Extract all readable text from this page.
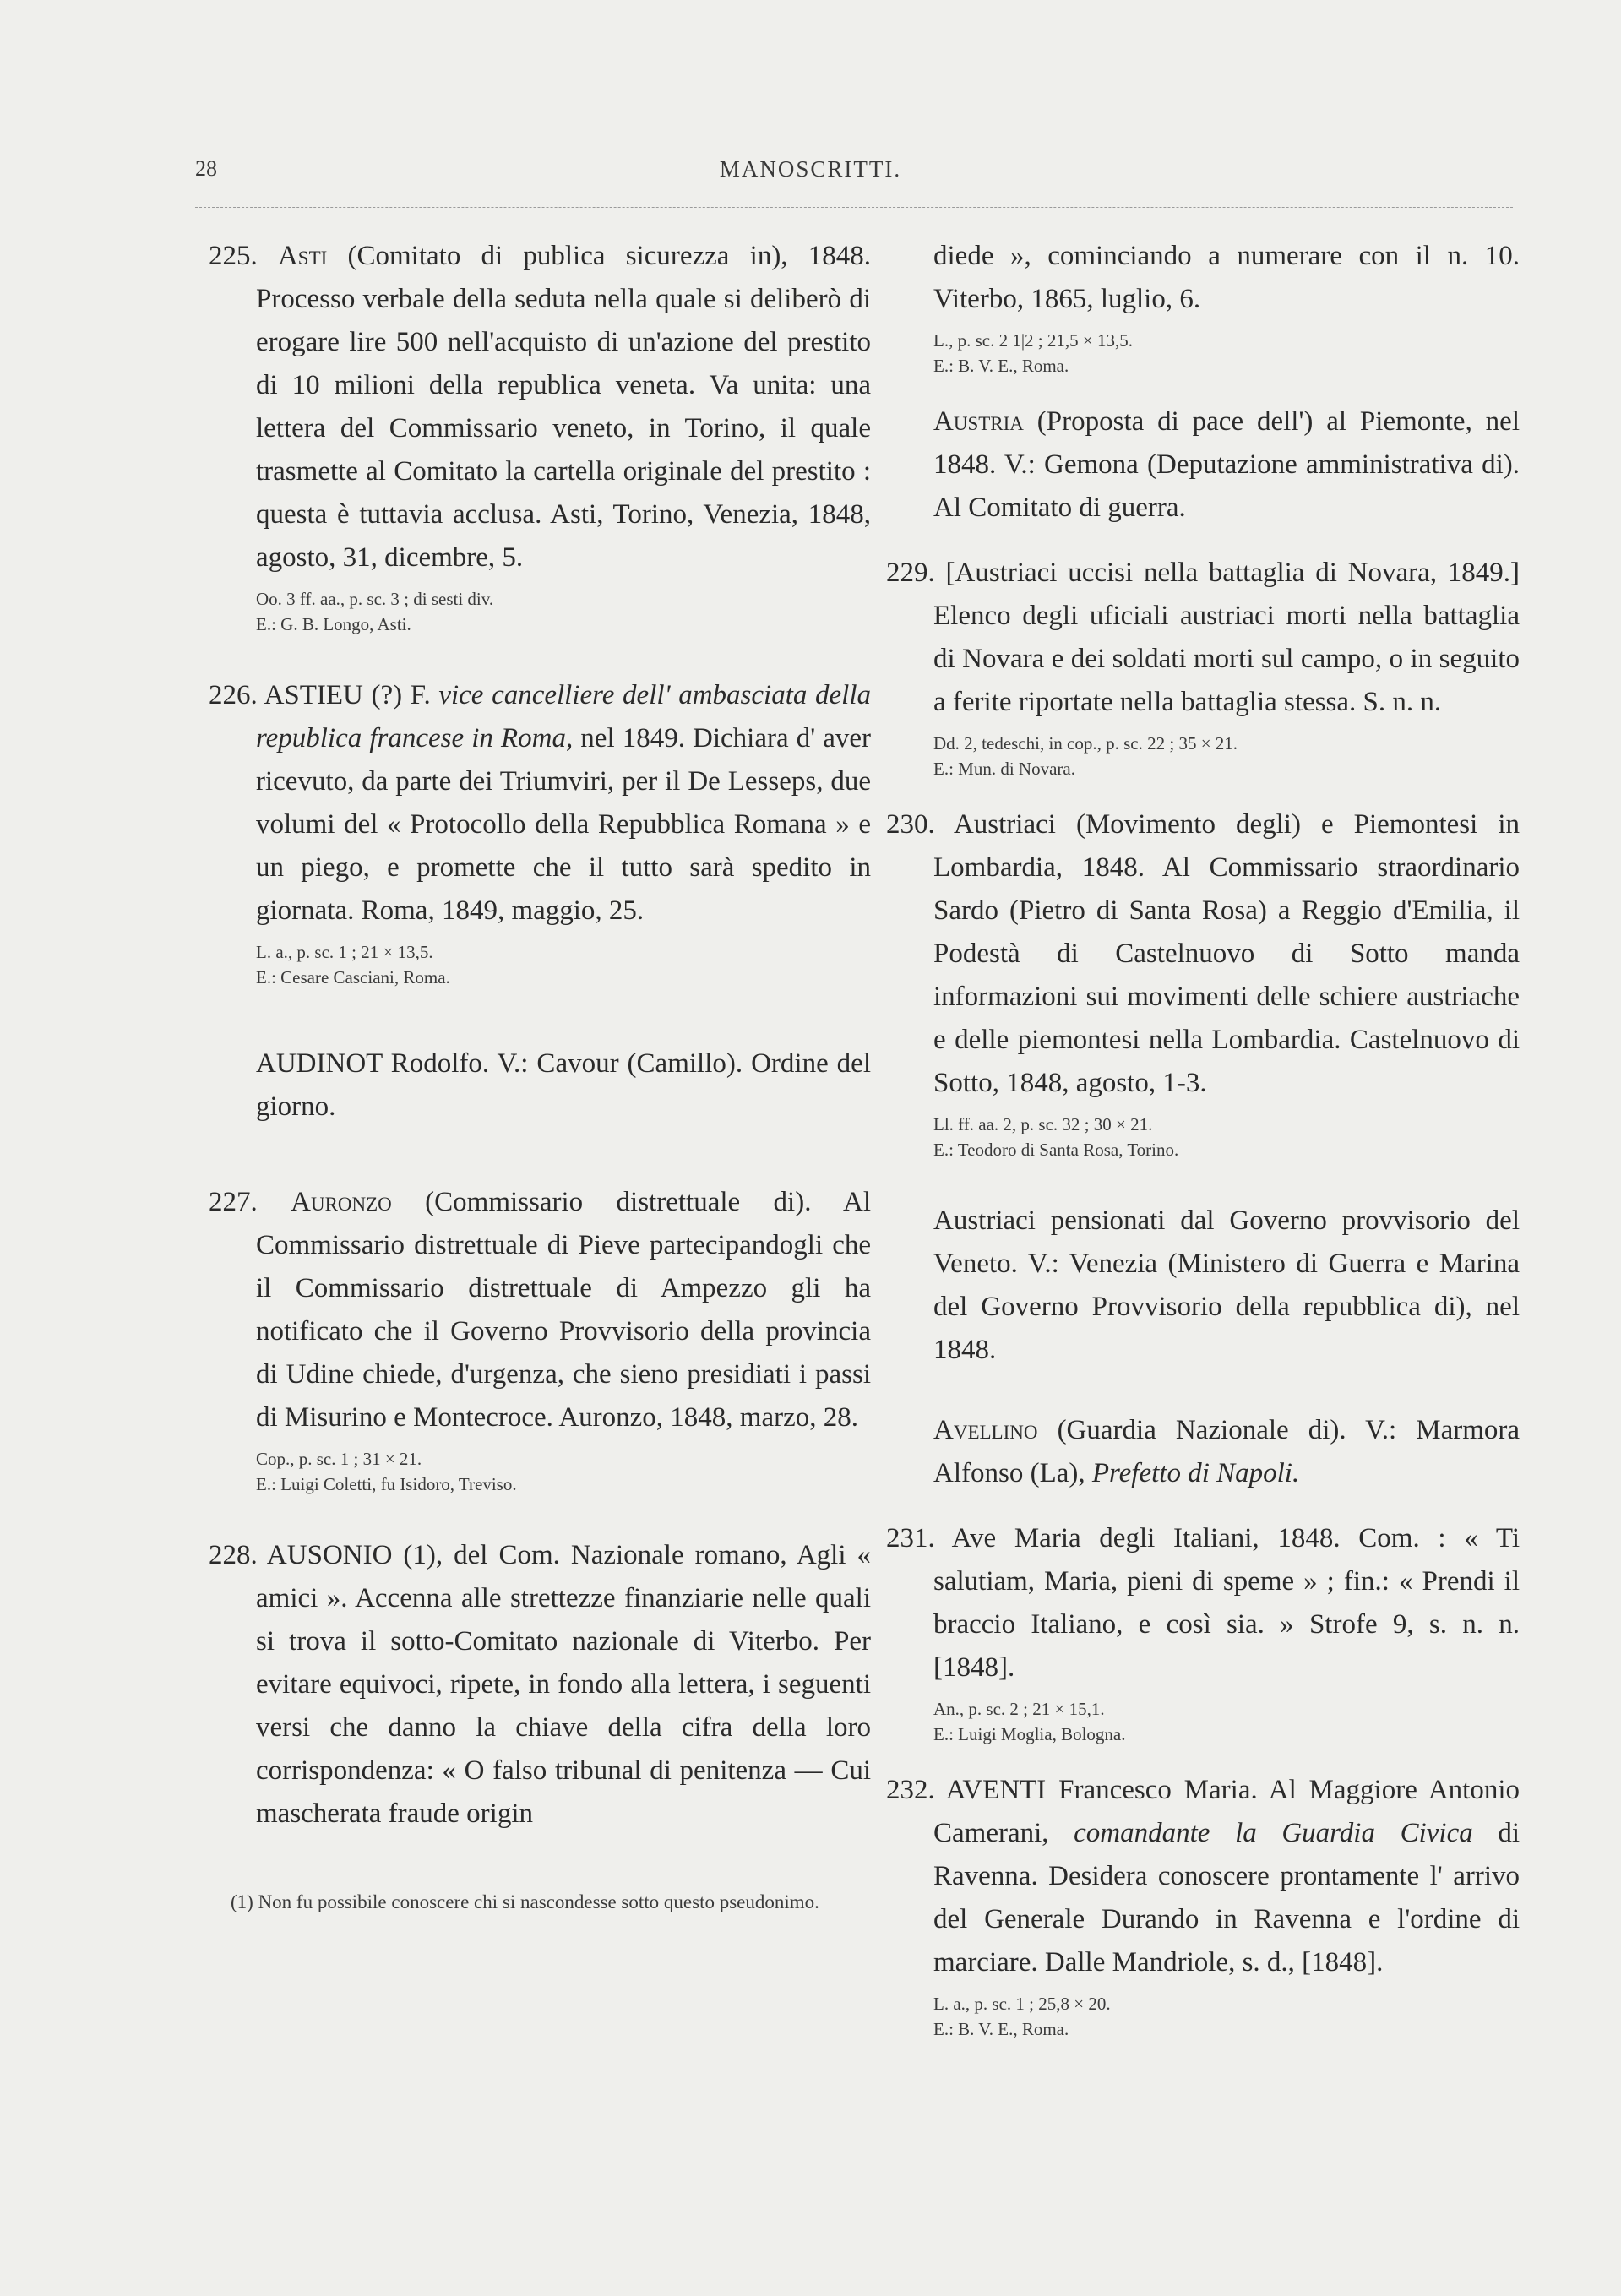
28	MANOSCRITTI.
225. Asti (Comitato di publica sicurezza in), 1848. Processo verbale della seduta nella quale si deliberò di erogare lire 500 nell'acquisto di un'azione del prestito di 10 milioni della republica veneta. Va unita: una lettera del Commissario veneto, in Torino, il quale trasmette al Comitato la cartella originale del prestito : questa è tuttavia acclusa. Asti, Torino, Venezia, 1848, agosto, 31, dicembre, 5.
Oo. 3 ff. aa., p. sc. 3 ; di sesti div.
E.: G. B. Longo, Asti.
226. ASTIEU (?) F. vice cancelliere dell' ambasciata della republica francese in Roma, nel 1849. Dichiara d' aver ricevuto, da parte dei Triumviri, per il De Lesseps, due volumi del « Protocollo della Repubblica Romana » e un piego, e promette che il tutto sarà spedito in giornata. Roma, 1849, maggio, 25.
L. a., p. sc. 1 ; 21 × 13,5.
E.: Cesare Casciani, Roma.
AUDINOT Rodolfo. V.: Cavour (Camillo). Ordine del giorno.
227. Auronzo (Commissario distrettuale di). Al Commissario distrettuale di Pieve partecipandogli che il Commissario distrettuale di Ampezzo gli ha notificato che il Governo Provvisorio della provincia di Udine chiede, d'urgenza, che sieno presidiati i passi di Misurino e Montecroce. Auronzo, 1848, marzo, 28.
Cop., p. sc. 1 ; 31 × 21.
E.: Luigi Coletti, fu Isidoro, Treviso.
228. AUSONIO (1), del Com. Nazionale romano, Agli « amici ». Accenna alle strettezze finanziarie nelle quali si trova il sotto-Comitato nazionale di Viterbo. Per evitare equivoci, ripete, in fondo alla lettera, i seguenti versi che danno la chiave della cifra della loro corrispondenza: « O falso tribunal di penitenza — Cui mascherata fraude origin
(1) Non fu possibile conoscere chi si nascondesse sotto questo pseudonimo.
diede », cominciando a numerare con il n. 10. Viterbo, 1865, luglio, 6.
L., p. sc. 2 1|2 ; 21,5 × 13,5.
E.: B. V. E., Roma.
Austria (Proposta di pace dell') al Piemonte, nel 1848. V.: Gemona (Deputazione amministrativa di). Al Comitato di guerra.
229. [Austriaci uccisi nella battaglia di Novara, 1849.] Elenco degli uficiali austriaci morti nella battaglia di Novara e dei soldati morti sul campo, o in seguito a ferite riportate nella battaglia stessa. S. n. n.
Dd. 2, tedeschi, in cop., p. sc. 22 ; 35 × 21.
E.: Mun. di Novara.
230. Austriaci (Movimento degli) e Piemontesi in Lombardia, 1848. Al Commissario straordinario Sardo (Pietro di Santa Rosa) a Reggio d'Emilia, il Podestà di Castelnuovo di Sotto manda informazioni sui movimenti delle schiere austriache e delle piemontesi nella Lombardia. Castelnuovo di Sotto, 1848, agosto, 1-3.
Ll. ff. aa. 2, p. sc. 32 ; 30 × 21.
E.: Teodoro di Santa Rosa, Torino.
Austriaci pensionati dal Governo provvisorio del Veneto. V.: Venezia (Ministero di Guerra e Marina del Governo Provvisorio della repubblica di), nel 1848.
Avellino (Guardia Nazionale di). V.: Marmora Alfonso (La), Prefetto di Napoli.
231. Ave Maria degli Italiani, 1848. Com. : « Ti salutiam, Maria, pieni di speme » ; fin.: « Prendi il braccio Italiano, e così sia. » Strofe 9, s. n. n. [1848].
An., p. sc. 2 ; 21 × 15,1.
E.: Luigi Moglia, Bologna.
232. AVENTI Francesco Maria. Al Maggiore Antonio Camerani, comandante la Guardia Civica di Ravenna. Desidera conoscere prontamente l' arrivo del Generale Durando in Ravenna e l'ordine di marciare. Dalle Mandriole, s. d., [1848].
L. a., p. sc. 1 ; 25,8 × 20.
E.: B. V. E., Roma.
